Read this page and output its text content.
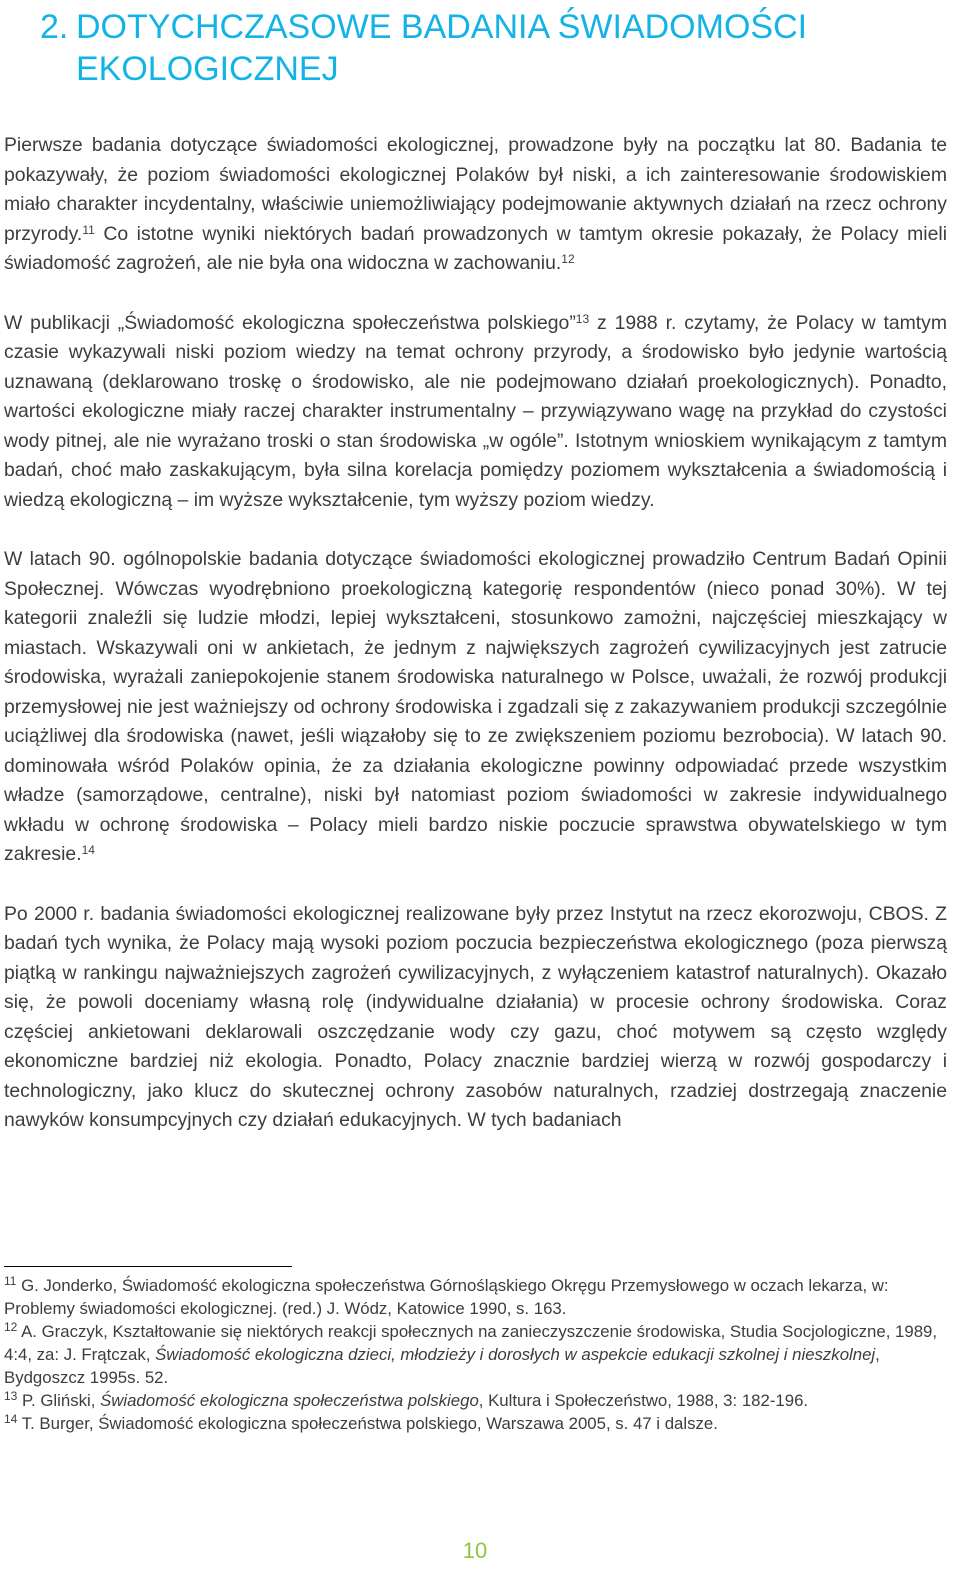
2. DOTYCHCZASOWE BADANIA ŚWIADOMOŚCI EKOLOGICZNEJ

Pierwsze badania dotyczące świadomości ekologicznej, prowadzone były na początku lat 80. Badania te pokazywały, że poziom świadomości ekologicznej Polaków był niski, a ich zainteresowanie środowiskiem miało charakter incydentalny, właściwie uniemożliwiający podejmowanie aktywnych działań na rzecz ochrony przyrody.$^{11}$ Co istotne wyniki niektórych badań prowadzonych w tamtym okresie pokazały, że Polacy mieli świadomość zagrożeń, ale nie była ona widoczna w zachowaniu.$^{12}$

W publikacji „Świadomość ekologiczna społeczeństwa polskiego”$^{13}$ z 1988 r. czytamy, że Polacy w tamtym czasie wykazywali niski poziom wiedzy na temat ochrony przyrody, a środowisko było jedynie wartością uznawaną (deklarowano troskę o środowisko, ale nie podejmowano działań proekologicznych). Ponadto, wartości ekologiczne miały raczej charakter instrumentalny – przywiązywano wagę na przykład do czystości wody pitnej, ale nie wyrażano troski o stan środowiska „w ogóle”. Istotnym wnioskiem wynikającym z tamtym badań, choć mało zaskakującym, była silna korelacja pomiędzy poziomem wykształcenia a świadomością i wiedzą ekologiczną – im wyższe wykształcenie, tym wyższy poziom wiedzy.

W latach 90. ogólnopolskie badania dotyczące świadomości ekologicznej prowadziło Centrum Badań Opinii Społecznej. Wówczas wyodrębniono proekologiczną kategorię respondentów (nieco ponad 30%). W tej kategorii znaleźli się ludzie młodzi, lepiej wykształceni, stosunkowo zamożni, najczęściej mieszkający w miastach. Wskazywali oni w ankietach, że jednym z największych zagrożeń cywilizacyjnych jest zatrucie środowiska, wyrażali zaniepokojenie stanem środowiska naturalnego w Polsce, uważali, że rozwój produkcji przemysłowej nie jest ważniejszy od ochrony środowiska i zgadzali się z zakazywaniem produkcji szczególnie uciążliwej dla środowiska (nawet, jeśli wiązałoby się to ze zwiększeniem poziomu bezrobocia). W latach 90. dominowała wśród Polaków opinia, że za działania ekologiczne powinny odpowiadać przede wszystkim władze (samorządowe, centralne), niski był natomiast poziom świadomości w zakresie indywidualnego wkładu w ochronę środowiska – Polacy mieli bardzo niskie poczucie sprawstwa obywatelskiego w tym zakresie.$^{14}$

Po 2000 r. badania świadomości ekologicznej realizowane były przez Instytut na rzecz ekorozwoju, CBOS. Z badań tych wynika, że Polacy mają wysoki poziom poczucia bezpieczeństwa ekologicznego (poza pierwszą piątką w rankingu najważniejszych zagrożeń cywilizacyjnych, z wyłączeniem katastrof naturalnych). Okazało się, że powoli doceniamy własną rolę (indywidualne działania) w procesie ochrony środowiska. Coraz częściej ankietowani deklarowali oszczędzanie wody czy gazu, choć motywem są często względy ekonomiczne bardziej niż ekologia. Ponadto, Polacy znacznie bardziej wierzą w rozwój gospodarczy i technologiczny, jako klucz do skutecznej ochrony zasobów naturalnych, rzadziej dostrzegają znaczenie nawyków konsumpcyjnych czy działań edukacyjnych. W tych badaniach

$^{11}$ G. Jonderko, Świadomość ekologiczna społeczeństwa Górnośląskiego Okręgu Przemysłowego w oczach lekarza, w: Problemy świadomości ekologicznej. (red.) J. Wódz, Katowice 1990, s. 163.

$^{12}$ A. Graczyk, Kształtowanie się niektórych reakcji społecznych na zanieczyszczenie środowiska, Studia Socjologiczne, 1989, 4:4, za: J. Frątczak, Świadomość ekologiczna dzieci, młodzieży i dorosłych w aspekcie edukacji szkolnej i nieszkolnej, Bydgoszcz 1995s. 52.

$^{13}$ P. Gliński, Świadomość ekologiczna społeczeństwa polskiego, Kultura i Społeczeństwo, 1988, 3: 182-196.

$^{14}$ T. Burger, Świadomość ekologiczna społeczeństwa polskiego, Warszawa 2005, s. 47 i dalsze.

10
